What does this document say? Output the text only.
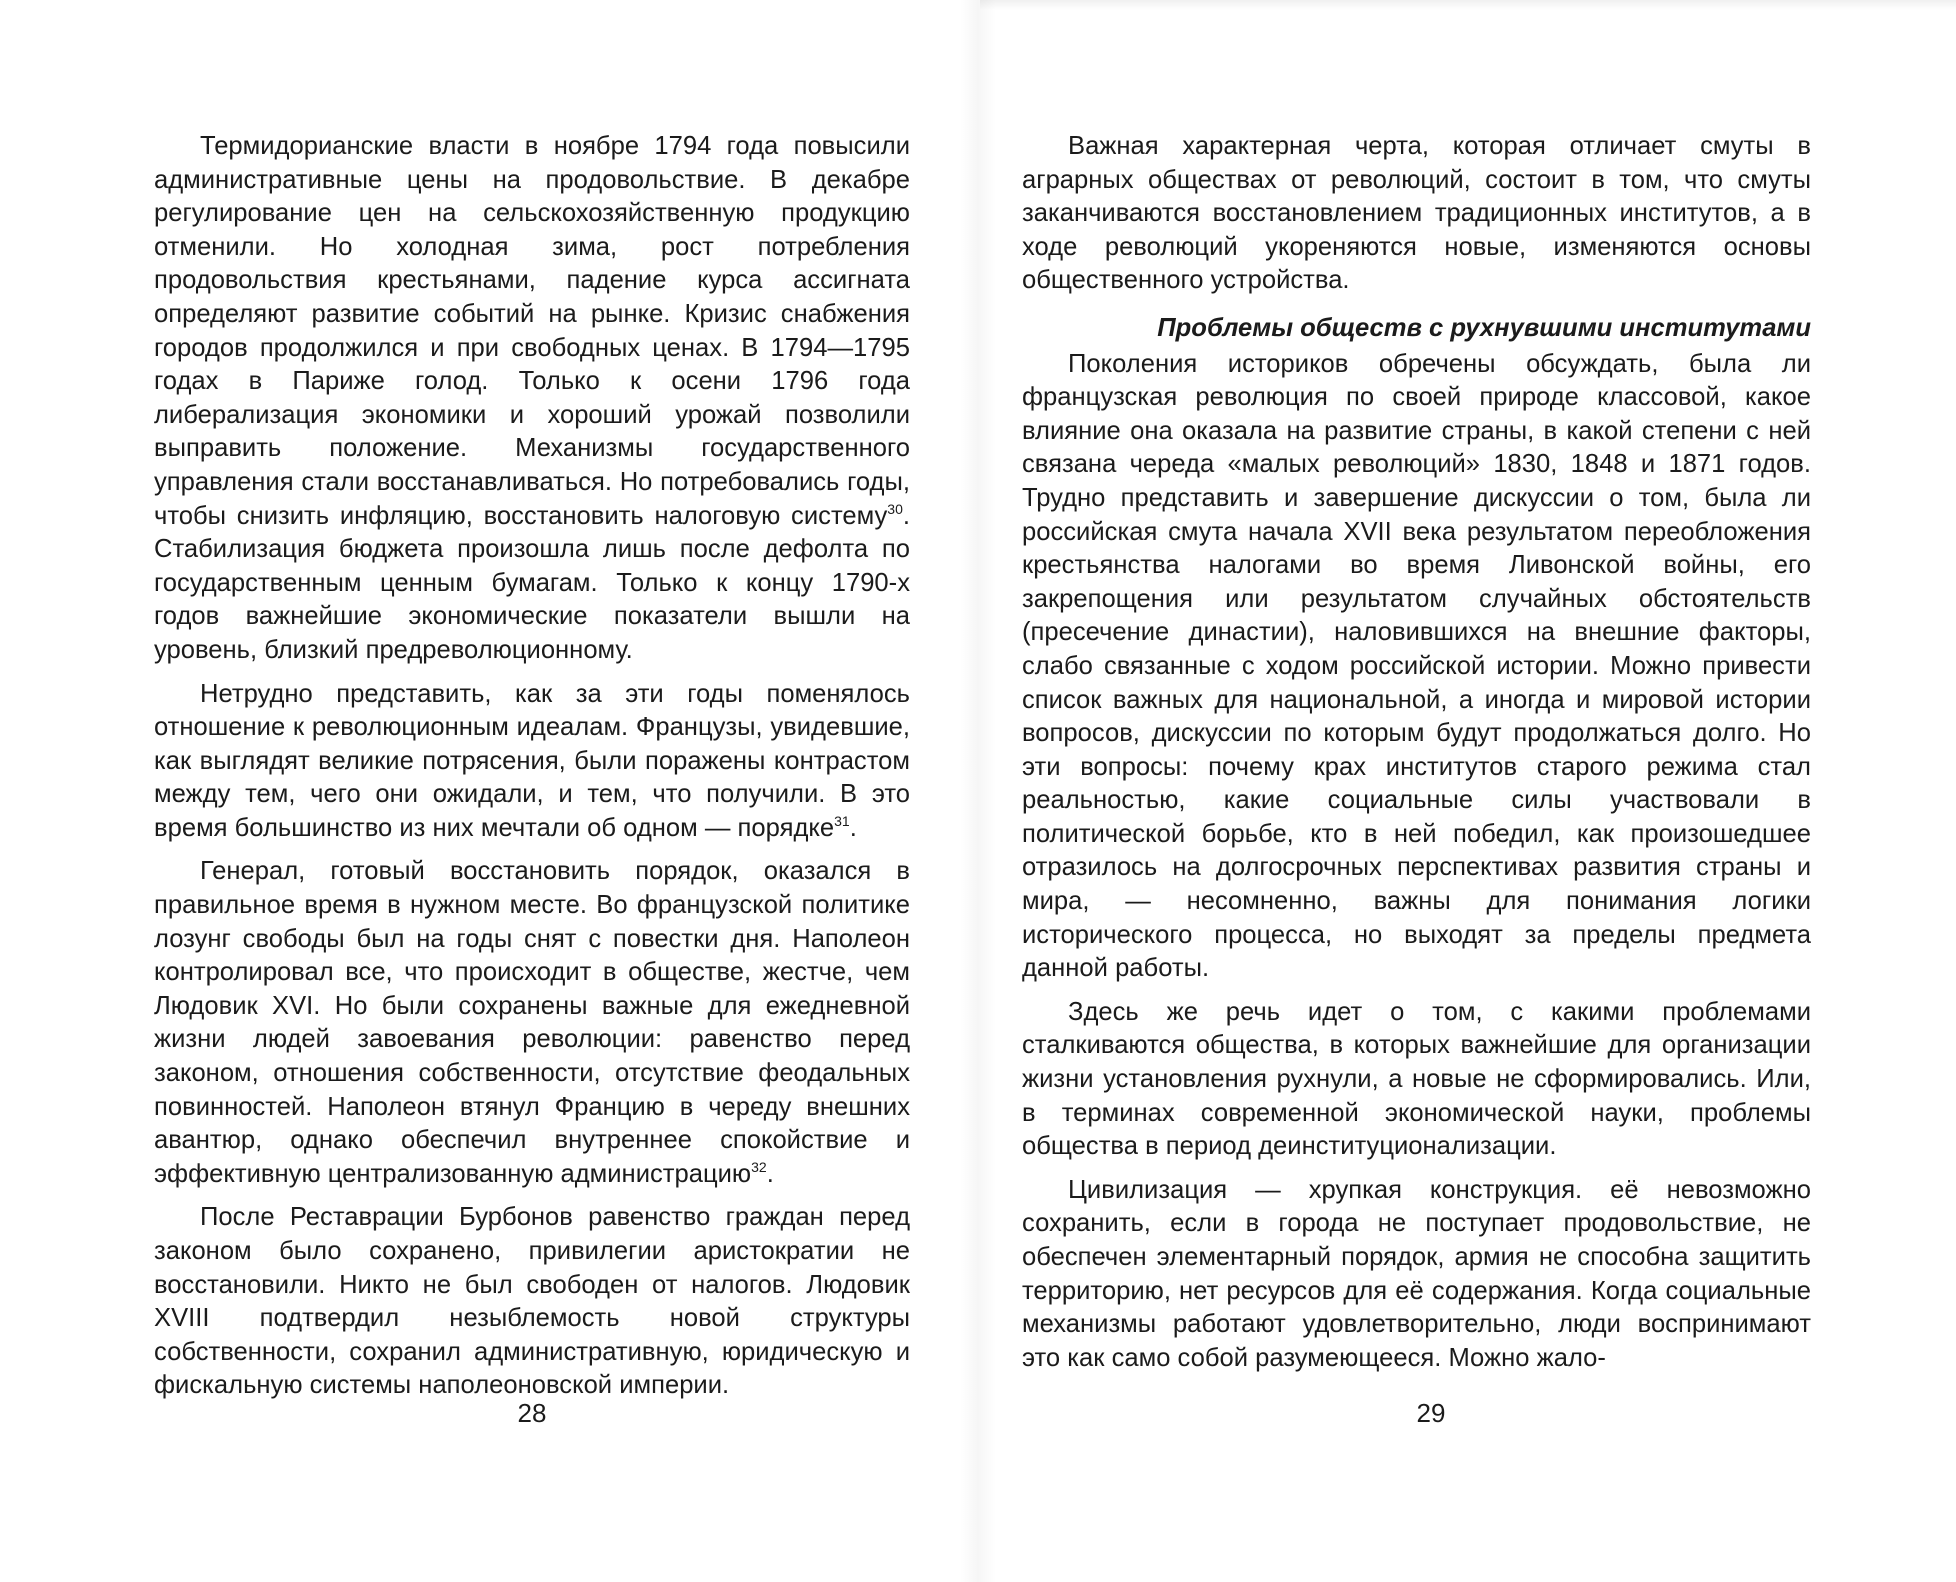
Термидорианские власти в ноябре 1794 года повысили административные цены на продовольствие. В декабре регулирование цен на сельскохозяйственную продукцию отменили. Но холодная зима, рост потребления продовольствия крестьянами, падение курса ассигната определяют развитие событий на рынке. Кризис снабжения городов продолжился и при свободных ценах. В 1794—1795 годах в Париже голод. Только к осени 1796 года либерализация экономики и хороший урожай позволили выправить положение. Механизмы государственного управления стали восстанавливаться. Но потребовались годы, чтобы снизить инфляцию, восстановить налоговую систему$^{30}$. Стабилизация бюджета произошла лишь после дефолта по государственным ценным бумагам. Только к концу 1790-х годов важнейшие экономические показатели вышли на уровень, близкий предреволюционному.

Нетрудно представить, как за эти годы поменялось отношение к революционным идеалам. Французы, увидевшие, как выглядят великие потрясения, были поражены контрастом между тем, чего они ожидали, и тем, что получили. В это время большинство из них мечтали об одном — порядке$^{31}$.

Генерал, готовый восстановить порядок, оказался в правильное время в нужном месте. Во французской политике лозунг свободы был на годы снят с повестки дня. Наполеон контролировал все, что происходит в обществе, жестче, чем Людовик XVI. Но были сохранены важные для ежедневной жизни людей завоевания революции: равенство перед законом, отношения собственности, отсутствие феодальных повинностей. Наполеон втянул Францию в череду внешних авантюр, однако обеспечил внутреннее спокойствие и эффективную централизованную администрацию$^{32}$.

После Реставрации Бурбонов равенство граждан перед законом было сохранено, привилегии аристократии не восстановили. Никто не был свободен от налогов. Людовик XVIII подтвердил незыблемость новой структуры собственности, сохранил административную, юридическую и фискальную системы наполеоновской империи.

28

Важная характерная черта, которая отличает смуты в аграрных обществах от революций, состоит в том, что смуты заканчиваются восстановлением традиционных институтов, а в ходе революций укореняются новые, изменяются основы общественного устройства.

Проблемы обществ с рухнувшими институтами

Поколения историков обречены обсуждать, была ли французская революция по своей природе классовой, какое влияние она оказала на развитие страны, в какой степени с ней связана череда «малых революций» 1830, 1848 и 1871 годов. Трудно представить и завершение дискуссии о том, была ли российская смута начала XVII века результатом переобложения крестьянства налогами во время Ливонской войны, его закрепощения или результатом случайных обстоятельств (пресечение династии), наловившихся на внешние факторы, слабо связанные с ходом российской истории. Можно привести список важных для национальной, а иногда и мировой истории вопросов, дискуссии по которым будут продолжаться долго. Но эти вопросы: почему крах институтов старого режима стал реальностью, какие социальные силы участвовали в политической борьбе, кто в ней победил, как произошедшее отразилось на долгосрочных перспективах развития страны и мира, — несомненно, важны для понимания логики исторического процесса, но выходят за пределы предмета данной работы.

Здесь же речь идет о том, с какими проблемами сталкиваются общества, в которых важнейшие для организации жизни установления рухнули, а новые не сформировались. Или, в терминах современной экономической науки, проблемы общества в период деинституционализации.

Цивилизация — хрупкая конструкция. её невозможно сохранить, если в города не поступает продовольствие, не обеспечен элементарный порядок, армия не способна защитить территорию, нет ресурсов для её содержания. Когда социальные механизмы работают удовлетворительно, люди воспринимают это как само собой разумеющееся. Можно жало-

29
